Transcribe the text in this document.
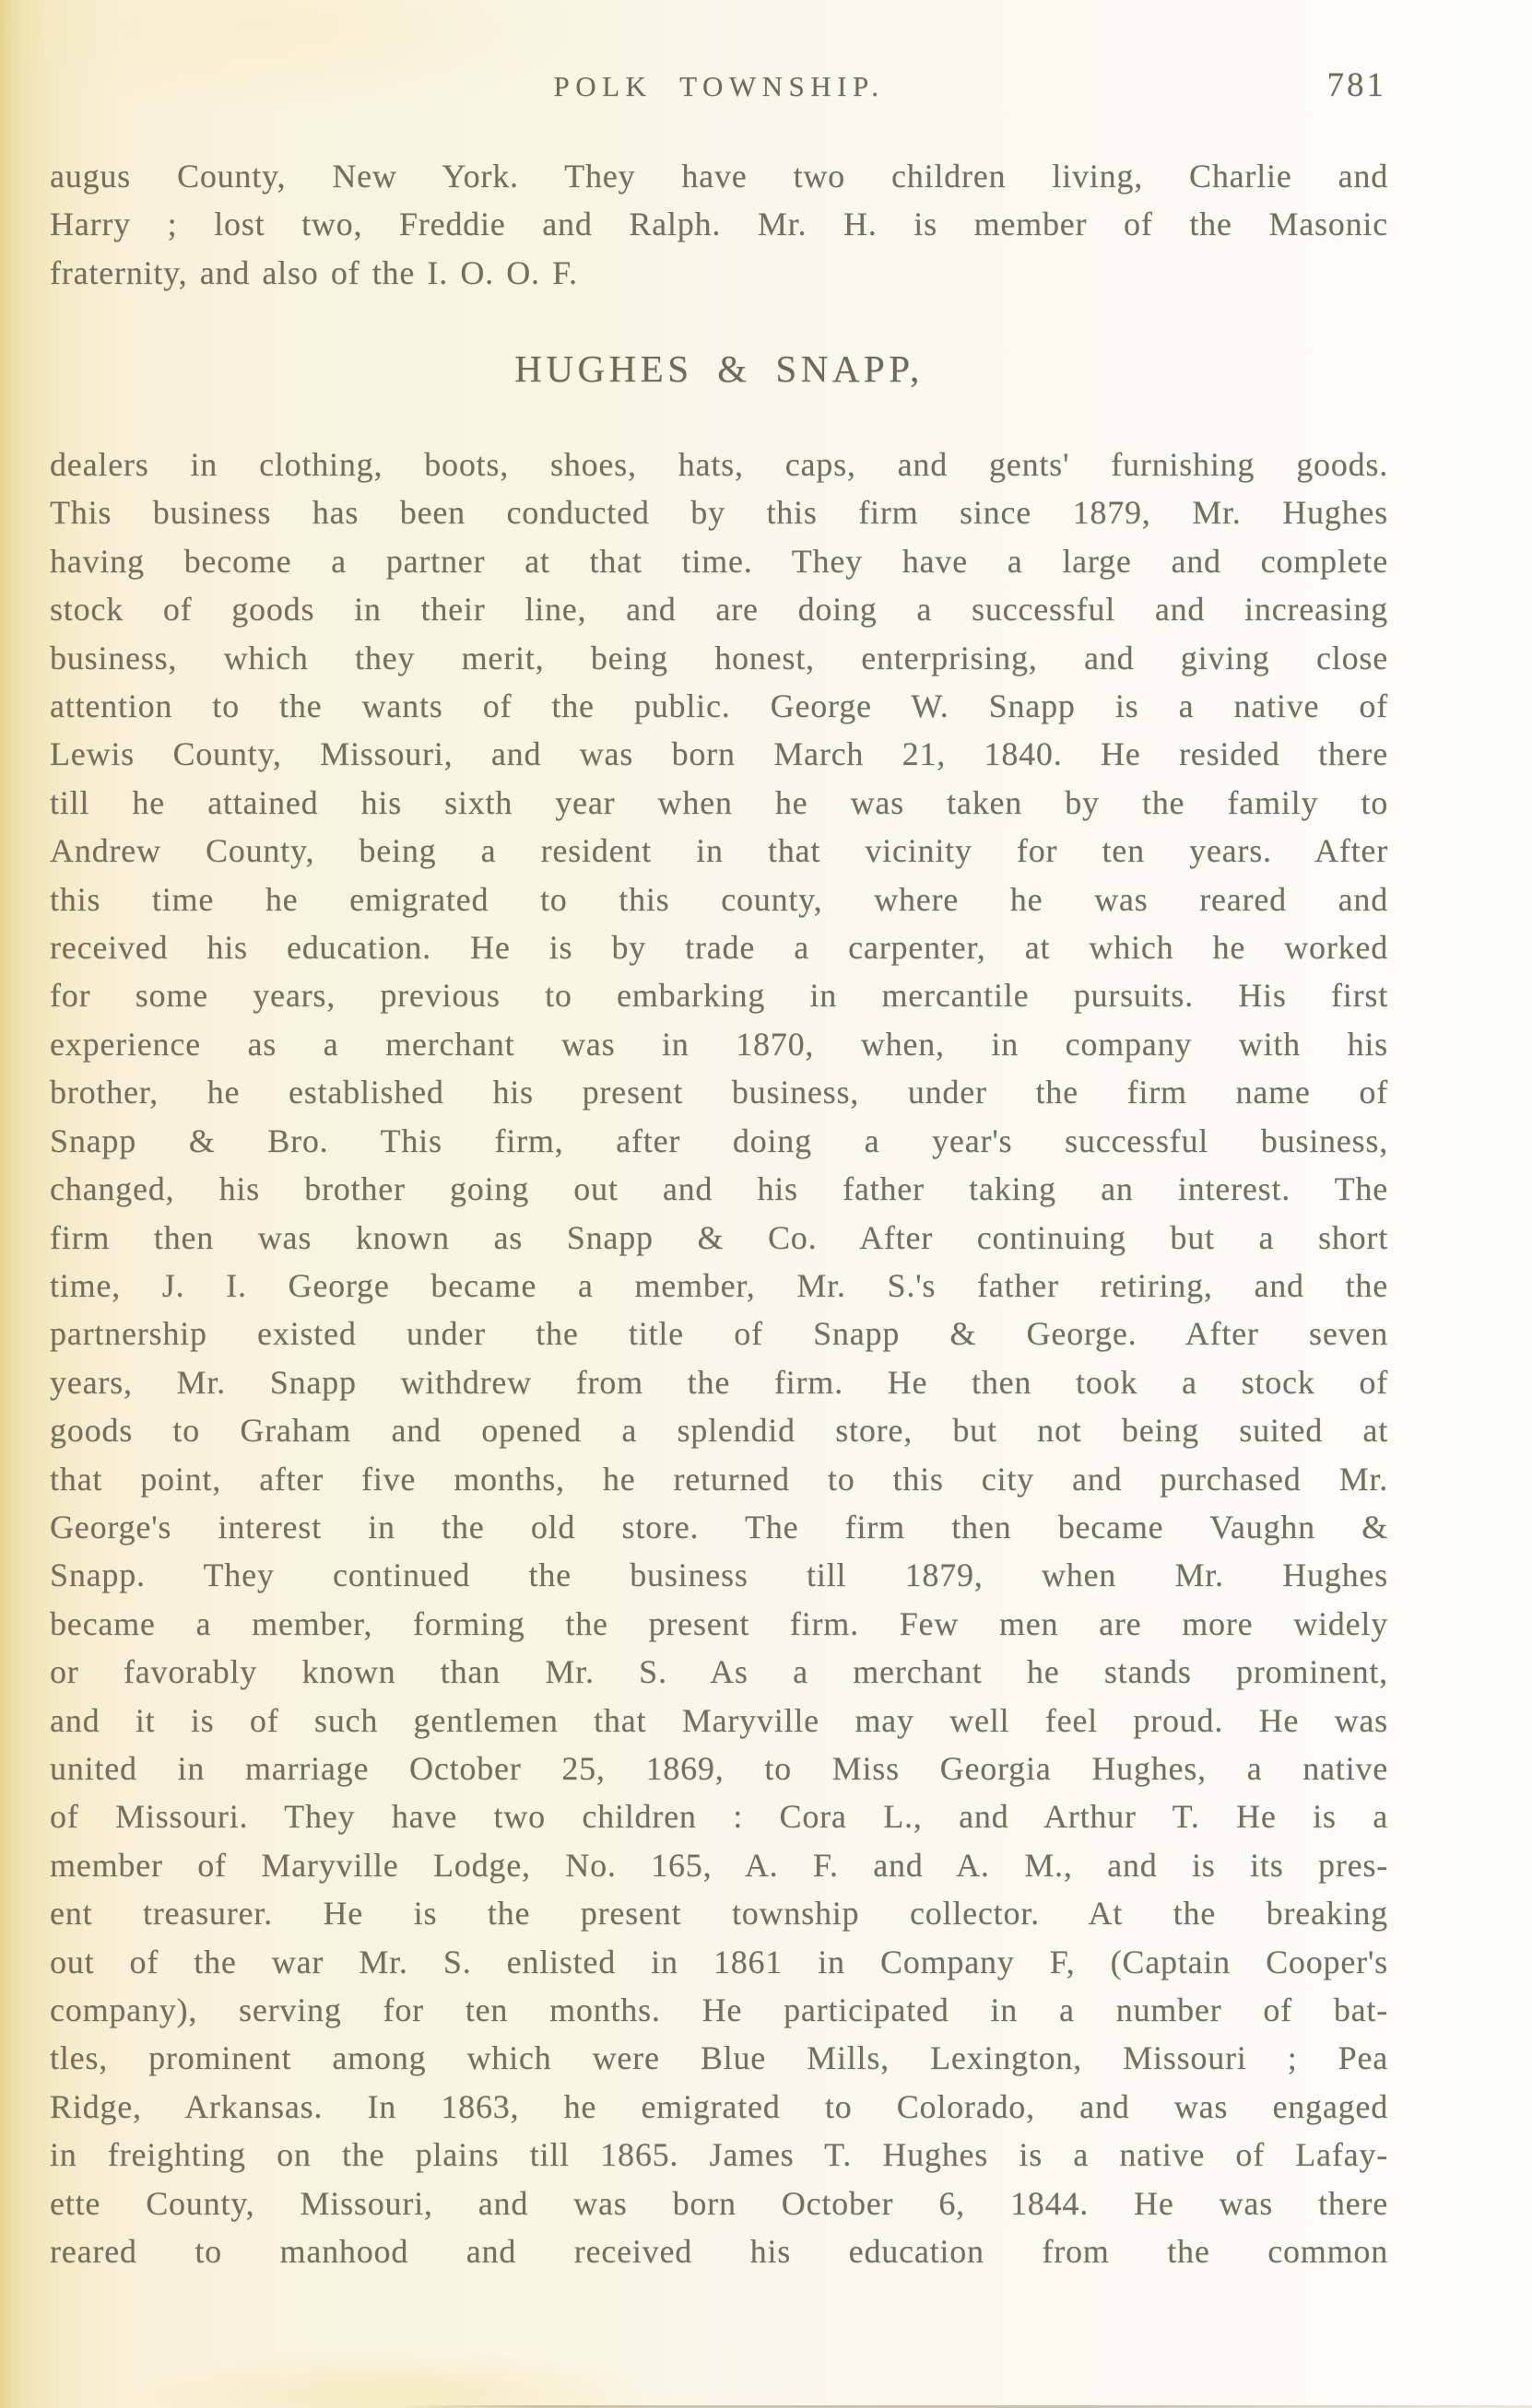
POLK TOWNSHIP.	781
augus County, New York. They have two children living, Charlie and
Harry ; lost two, Freddie and Ralph. Mr. H. is member of the Masonic
fraternity, and also of the I. O. O. F.
HUGHES & SNAPP,
dealers in clothing, boots, shoes, hats, caps, and gents' furnishing goods.
This business has been conducted by this firm since 1879, Mr. Hughes
having become a partner at that time. They have a large and complete
stock of goods in their line, and are doing a successful and increasing
business, which they merit, being honest, enterprising, and giving close
attention to the wants of the public. George W. Snapp is a native of
Lewis County, Missouri, and was born March 21, 1840. He resided there
till he attained his sixth year when he was taken by the family to
Andrew County, being a resident in that vicinity for ten years. After
this time he emigrated to this county, where he was reared and
received his education. He is by trade a carpenter, at which he worked
for some years, previous to embarking in mercantile pursuits. His first
experience as a merchant was in 1870, when, in company with his
brother, he established his present business, under the firm name of
Snapp & Bro. This firm, after doing a year's successful business,
changed, his brother going out and his father taking an interest. The
firm then was known as Snapp & Co. After continuing but a short
time, J. I. George became a member, Mr. S.'s father retiring, and the
partnership existed under the title of Snapp & George. After seven
years, Mr. Snapp withdrew from the firm. He then took a stock of
goods to Graham and opened a splendid store, but not being suited at
that point, after five months, he returned to this city and purchased Mr.
George's interest in the old store. The firm then became Vaughn &
Snapp. They continued the business till 1879, when Mr. Hughes
became a member, forming the present firm. Few men are more widely
or favorably known than Mr. S. As a merchant he stands prominent,
and it is of such gentlemen that Maryville may well feel proud. He was
united in marriage October 25, 1869, to Miss Georgia Hughes, a native
of Missouri. They have two children : Cora L., and Arthur T. He is a
member of Maryville Lodge, No. 165, A. F. and A. M., and is its pres-
ent treasurer. He is the present township collector. At the breaking
out of the war Mr. S. enlisted in 1861 in Company F, (Captain Cooper's
company), serving for ten months. He participated in a number of bat-
tles, prominent among which were Blue Mills, Lexington, Missouri ; Pea
Ridge, Arkansas. In 1863, he emigrated to Colorado, and was engaged
in freighting on the plains till 1865. James T. Hughes is a native of Lafay-
ette County, Missouri, and was born October 6, 1844. He was there
reared to manhood and received his education from the common
